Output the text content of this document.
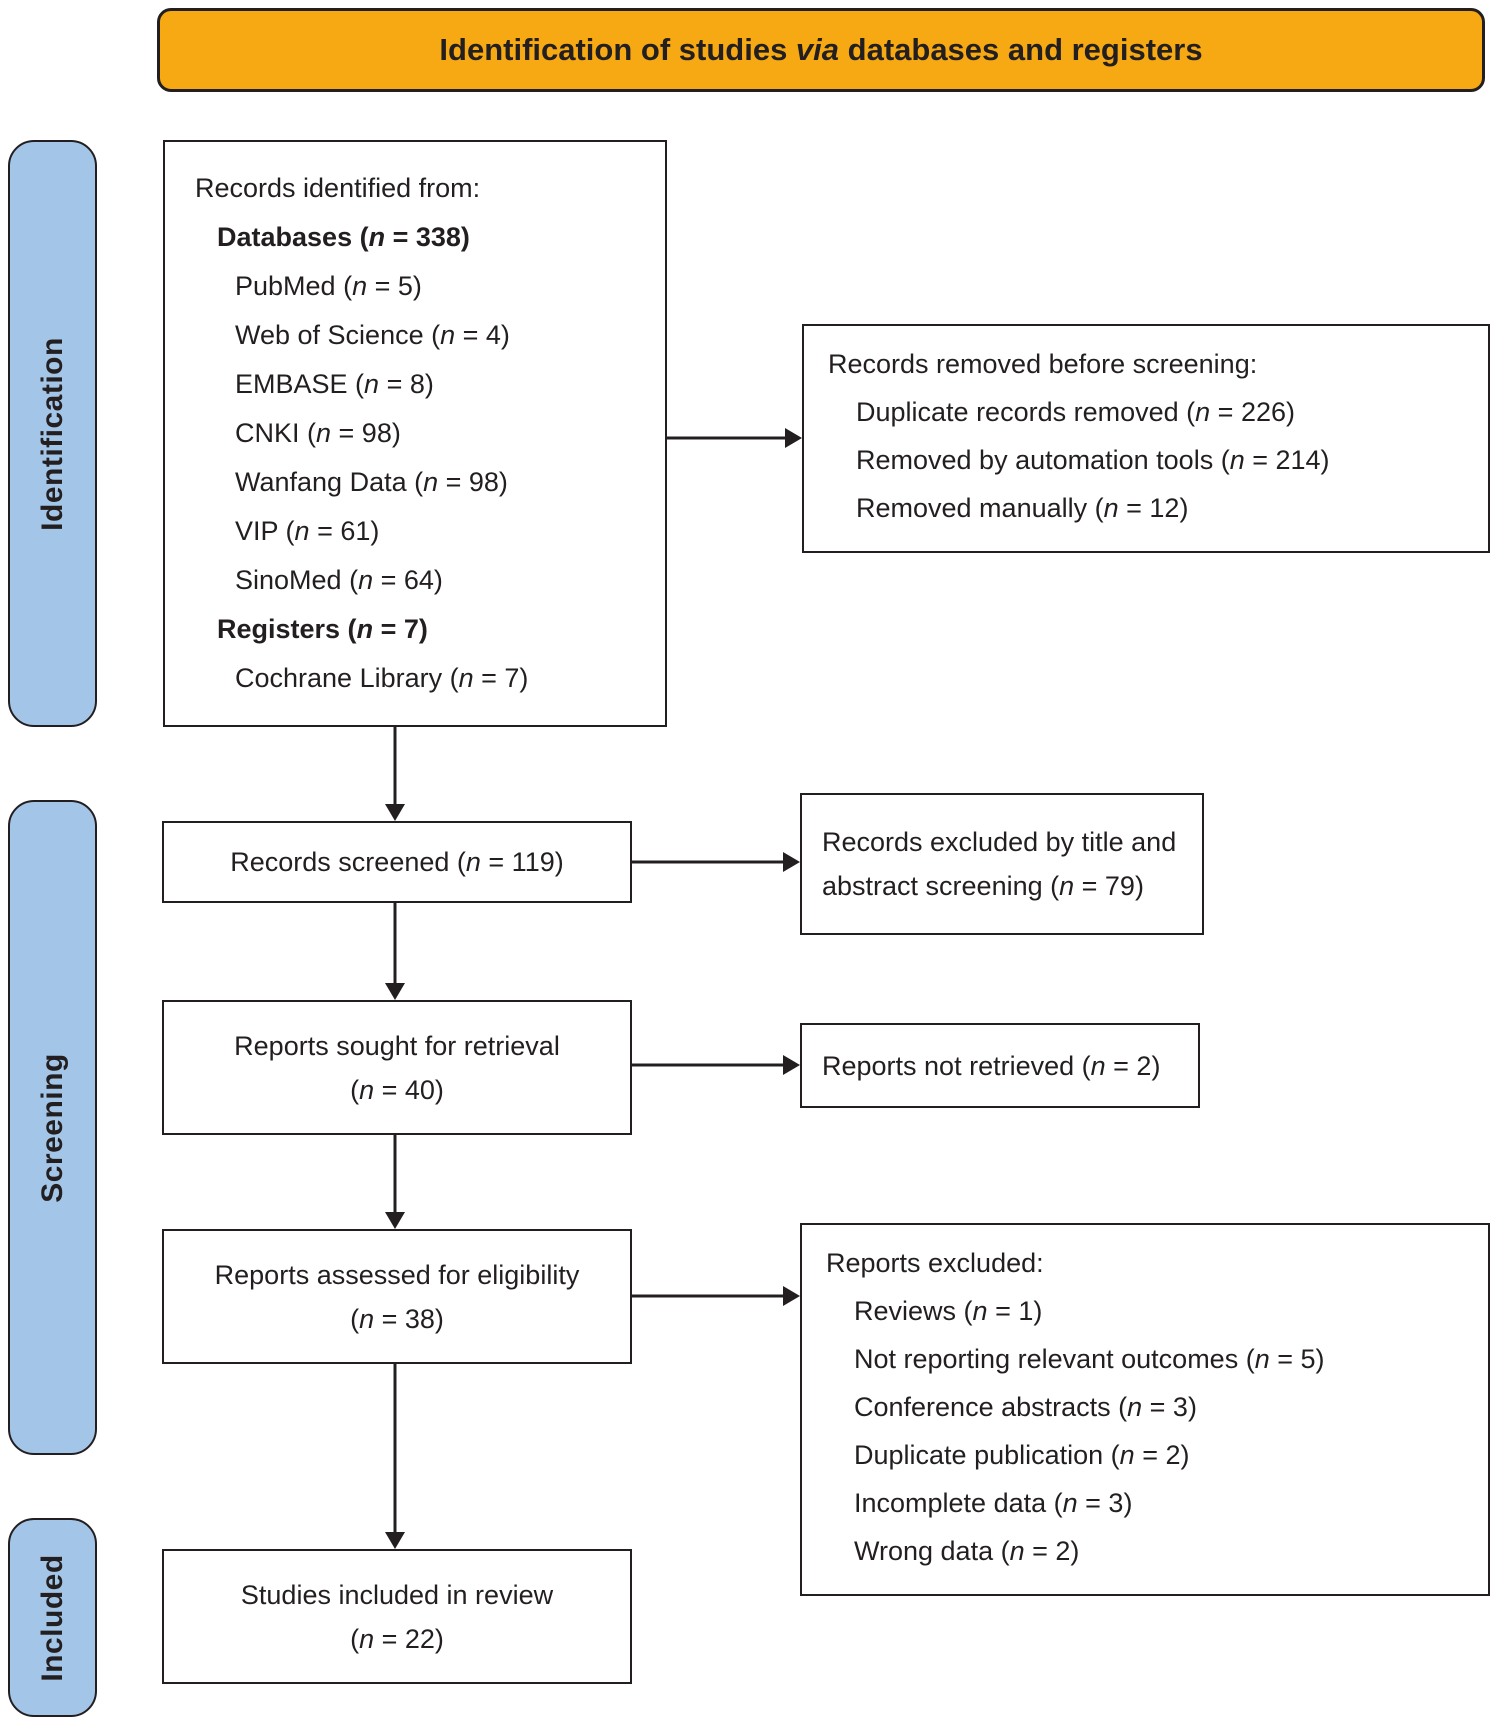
Identification of studies via databases and registers
Identification
Screening
Included
Records identified from:
Databases (n = 338)
PubMed (n = 5)
Web of Science (n = 4)
EMBASE (n = 8)
CNKI (n = 98)
Wanfang Data (n = 98)
VIP (n = 61)
SinoMed (n = 64)
Registers (n = 7)
Cochrane Library (n = 7)
Records removed before screening:
Duplicate records removed (n = 226)
Removed by automation tools (n = 214)
Removed manually (n = 12)
Records screened (n = 119)
Records excluded by title and
abstract screening (n = 79)
Reports sought for retrieval
(n = 40)
Reports not retrieved (n = 2)
Reports assessed for eligibility
(n = 38)
Reports excluded:
Reviews (n = 1)
Not reporting relevant outcomes (n = 5)
Conference abstracts (n = 3)
Duplicate publication (n = 2)
Incomplete data (n = 3)
Wrong data (n = 2)
Studies included in review
(n = 22)
